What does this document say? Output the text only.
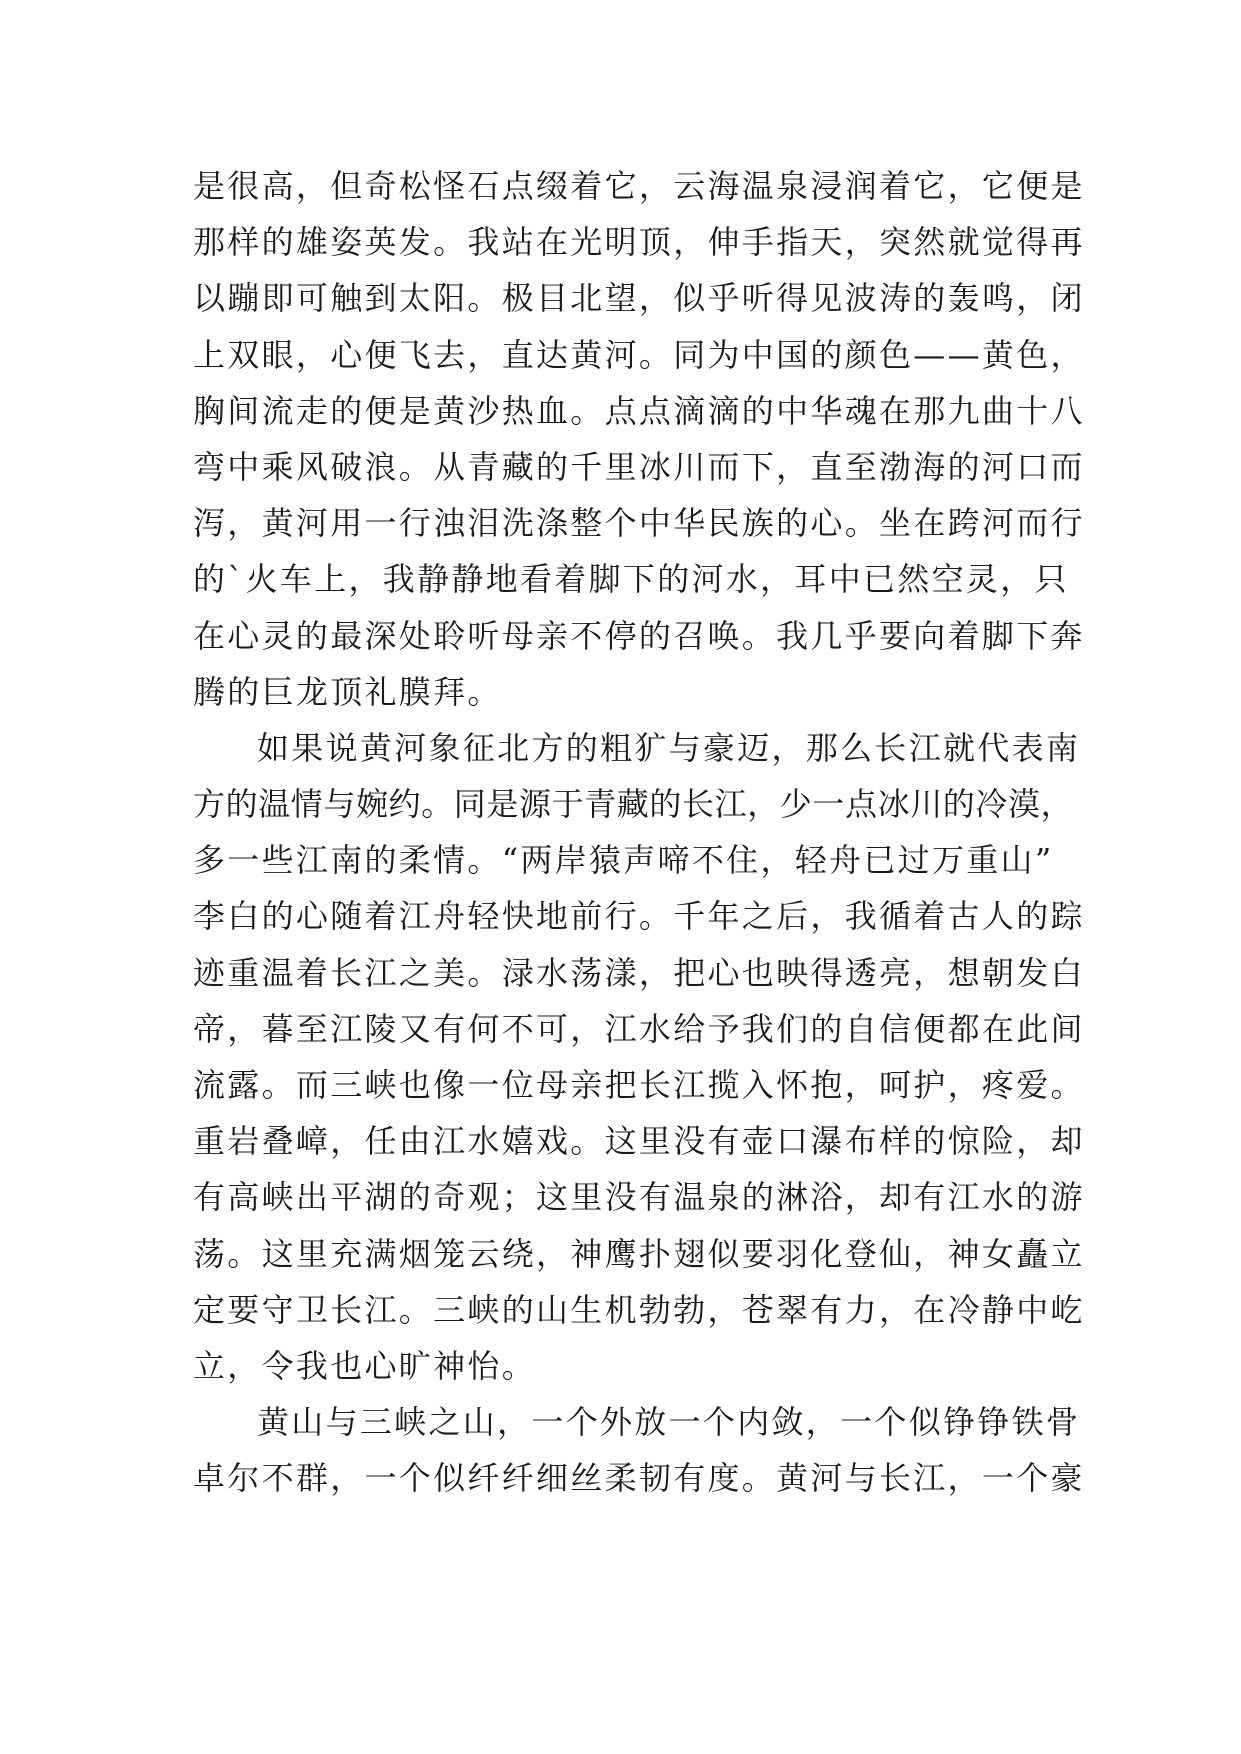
是很高，但奇松怪石点缀着它，云海温泉浸润着它，它便是
那样的雄姿英发。我站在光明顶，伸手指天，突然就觉得再
以蹦即可触到太阳。极目北望，似乎听得见波涛的轰鸣，闭
上双眼，心便飞去，直达黄河。同为中国的颜色——黄色，
胸间流走的便是黄沙热血。点点滴滴的中华魂在那九曲十八
弯中乘风破浪。从青藏的千里冰川而下，直至渤海的河口而
泻，黄河用一行浊泪洗涤整个中华民族的心。坐在跨河而行
的`火车上，我静静地看着脚下的河水，耳中已然空灵，只
在心灵的最深处聆听母亲不停的召唤。我几乎要向着脚下奔
腾的巨龙顶礼膜拜。
如果说黄河象征北方的粗犷与豪迈，那么长江就代表南
方的温情与婉约。同是源于青藏的长江，少一点冰川的冷漠，
多一些江南的柔情。“两岸猿声啼不住，轻舟已过万重山”
李白的心随着江舟轻快地前行。千年之后，我循着古人的踪
迹重温着长江之美。渌水荡漾，把心也映得透亮，想朝发白
帝，暮至江陵又有何不可，江水给予我们的自信便都在此间
流露。而三峡也像一位母亲把长江揽入怀抱，呵护，疼爱。
重岩叠嶂，任由江水嬉戏。这里没有壶口瀑布样的惊险，却
有高峡出平湖的奇观；这里没有温泉的淋浴，却有江水的游
荡。这里充满烟笼云绕，神鹰扑翅似要羽化登仙，神女矗立
定要守卫长江。三峡的山生机勃勃，苍翠有力，在冷静中屹
立，令我也心旷神怡。
黄山与三峡之山，一个外放一个内敛，一个似铮铮铁骨
卓尔不群，一个似纤纤细丝柔韧有度。黄河与长江，一个豪
